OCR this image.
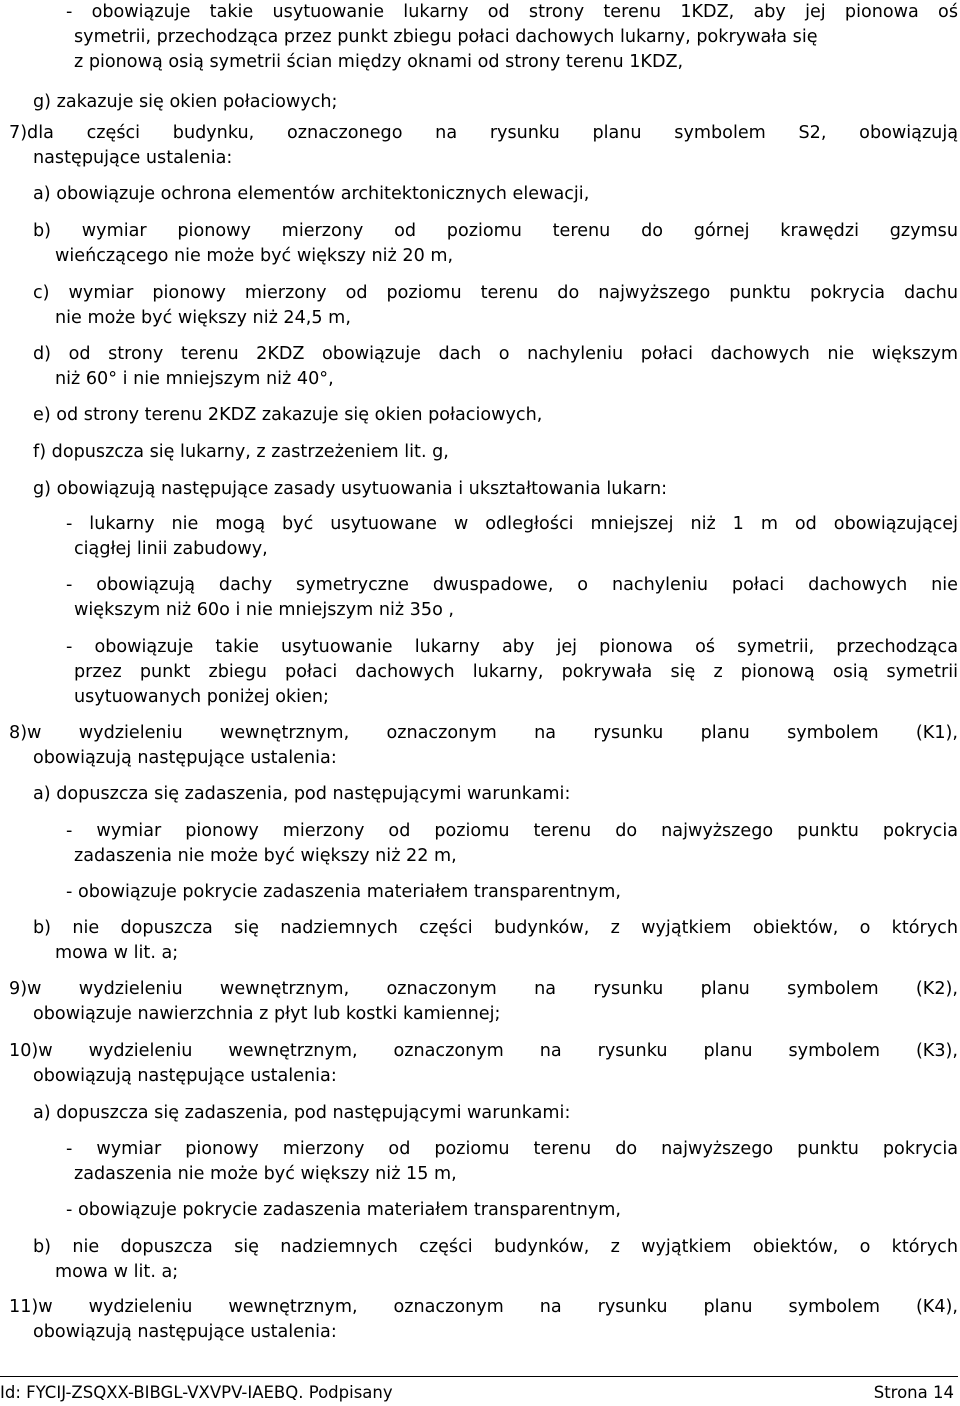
- obowiązuje takie usytuowanie lukarny od strony terenu 1KDZ, aby jej pionowa oś
symetrii, przechodząca przez punkt zbiegu połaci dachowych lukarny, pokrywała się
z pionową osią symetrii ścian między oknami od strony terenu 1KDZ,
g) zakazuje się okien połaciowych;
7)dla części budynku, oznaczonego na rysunku planu symbolem S2, obowiązują
następujące ustalenia:
a) obowiązuje ochrona elementów architektonicznych elewacji,
b) wymiar pionowy mierzony od poziomu terenu do górnej krawędzi gzymsu
wieńczącego nie może być większy niż 20 m,
c) wymiar pionowy mierzony od poziomu terenu do najwyższego punktu pokrycia dachu
nie może być większy niż 24,5 m,
d) od strony terenu 2KDZ obowiązuje dach o nachyleniu połaci dachowych nie większym
niż 60° i nie mniejszym niż 40°,
e) od strony terenu 2KDZ zakazuje się okien połaciowych,
f) dopuszcza się lukarny, z zastrzeżeniem lit. g,
g) obowiązują następujące zasady usytuowania i ukształtowania lukarn:
- lukarny nie mogą być usytuowane w odległości mniejszej niż 1 m od obowiązującej
ciągłej linii zabudowy,
- obowiązują dachy symetryczne dwuspadowe, o nachyleniu połaci dachowych nie
większym niż 60o i nie mniejszym niż 35o ,
- obowiązuje takie usytuowanie lukarny aby jej pionowa oś symetrii, przechodząca
przez punkt zbiegu połaci dachowych lukarny, pokrywała się z pionową osią symetrii
usytuowanych poniżej okien;
8)w wydzieleniu wewnętrznym, oznaczonym na rysunku planu symbolem (K1),
obowiązują następujące ustalenia:
a) dopuszcza się zadaszenia, pod następującymi warunkami:
- wymiar pionowy mierzony od poziomu terenu do najwyższego punktu pokrycia
zadaszenia nie może być większy niż 22 m,
- obowiązuje pokrycie zadaszenia materiałem transparentnym,
b) nie dopuszcza się nadziemnych części budynków, z wyjątkiem obiektów, o których
mowa w lit. a;
9)w wydzieleniu wewnętrznym, oznaczonym na rysunku planu symbolem (K2),
obowiązuje nawierzchnia z płyt lub kostki kamiennej;
10)w wydzieleniu wewnętrznym, oznaczonym na rysunku planu symbolem (K3),
obowiązują następujące ustalenia:
a) dopuszcza się zadaszenia, pod następującymi warunkami:
- wymiar pionowy mierzony od poziomu terenu do najwyższego punktu pokrycia
zadaszenia nie może być większy niż 15 m,
- obowiązuje pokrycie zadaszenia materiałem transparentnym,
b) nie dopuszcza się nadziemnych części budynków, z wyjątkiem obiektów, o których
mowa w lit. a;
11)w wydzieleniu wewnętrznym, oznaczonym na rysunku planu symbolem (K4),
obowiązują następujące ustalenia:
Id: FYCIJ-ZSQXX-BIBGL-VXVPV-IAEBQ. Podpisany	Strona 14
